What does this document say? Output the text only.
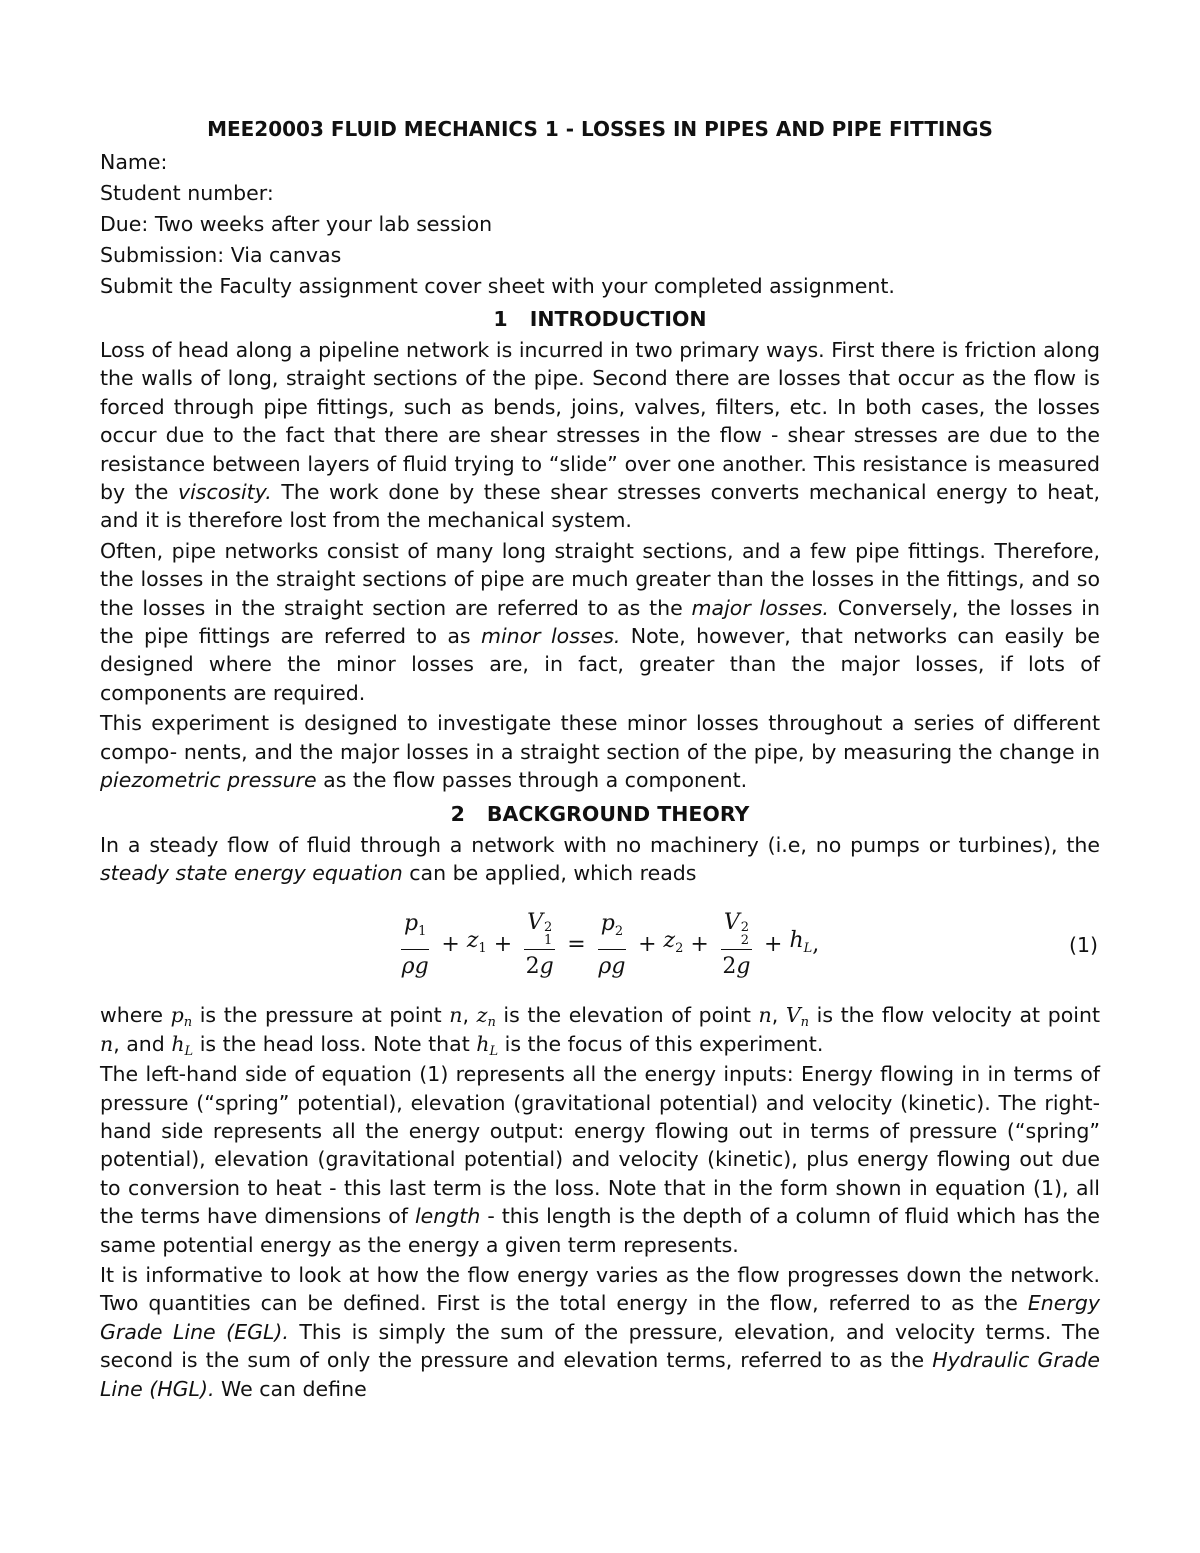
MEE20003 FLUID MECHANICS 1 - LOSSES IN PIPES AND PIPE FITTINGS

Name:

Student number:

Due: Two weeks after your lab session

Submission: Via canvas

Submit the Faculty assignment cover sheet with your completed assignment.

1 INTRODUCTION

Loss of head along a pipeline network is incurred in two primary ways. First there is friction along the walls of long, straight sections of the pipe. Second there are losses that occur as the flow is forced through pipe fittings, such as bends, joins, valves, filters, etc. In both cases, the losses occur due to the fact that there are shear stresses in the flow - shear stresses are due to the resistance between layers of fluid trying to “slide” over one another. This resistance is measured by the viscosity. The work done by these shear stresses converts mechanical energy to heat, and it is therefore lost from the mechanical system.

Often, pipe networks consist of many long straight sections, and a few pipe fittings. Therefore, the losses in the straight sections of pipe are much greater than the losses in the fittings, and so the losses in the straight section are referred to as the major losses. Conversely, the losses in the pipe fittings are referred to as minor losses. Note, however, that networks can easily be designed where the minor losses are, in fact, greater than the major losses, if lots of components are required.

This experiment is designed to investigate these minor losses throughout a series of different compo- nents, and the major losses in a straight section of the pipe, by measuring the change in piezometric pressure as the flow passes through a component.

2 BACKGROUND THEORY

In a steady flow of fluid through a network with no machinery (i.e, no pumps or turbines), the steady state energy equation can be applied, which reads

$\frac{p_1}{\rho g} + z_1 + V$ 2
1
$2g = \frac{p_2}{\rho g} + z_2 + V$ 2
2
$2g + h_L$ ,	(1)

where $p_n$ is the pressure at point n, $z_n$ is the elevation of point n, $V_n$ is the flow velocity at point n, and $h_L$ is the head loss. Note that $h_L$ is the focus of this experiment.

The left-hand side of equation (1) represents all the energy inputs: Energy flowing in in terms of pressure (“spring” potential), elevation (gravitational potential) and velocity (kinetic). The right-hand side represents all the energy output: energy flowing out in terms of pressure (“spring” potential), elevation (gravitational potential) and velocity (kinetic), plus energy flowing out due to conversion to heat - this last term is the loss. Note that in the form shown in equation (1), all the terms have dimensions of length - this length is the depth of a column of fluid which has the same potential energy as the energy a given term represents.

It is informative to look at how the flow energy varies as the flow progresses down the network. Two quantities can be defined. First is the total energy in the flow, referred to as the Energy Grade Line (EGL). This is simply the sum of the pressure, elevation, and velocity terms. The second is the sum of only the pressure and elevation terms, referred to as the Hydraulic Grade Line (HGL). We can define
